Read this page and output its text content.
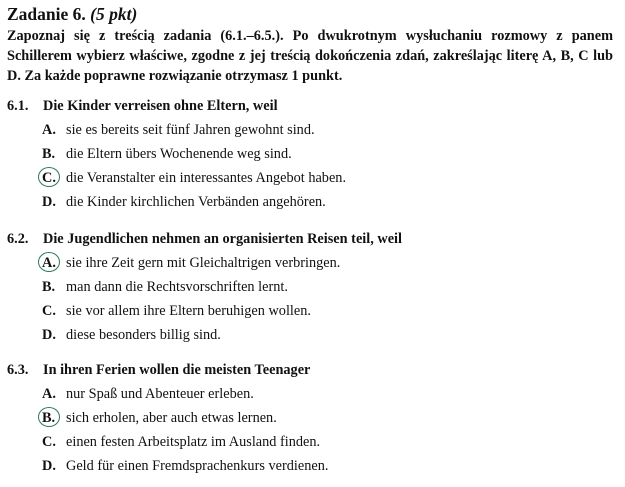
Zadanie 6. (5 pkt)
Zapoznaj się z treścią zadania (6.1.–6.5.). Po dwukrotnym wysłuchaniu rozmowy z panem Schillerem wybierz właściwe, zgodne z jej treścią dokończenia zdań, zakreślając literę A, B, C lub D. Za każde poprawne rozwiązanie otrzymasz 1 punkt.
6.1. Die Kinder verreisen ohne Eltern, weil
A. sie es bereits seit fünf Jahren gewohnt sind.
B. die Eltern übers Wochenende weg sind.
C. die Veranstalter ein interessantes Angebot haben.
D. die Kinder kirchlichen Verbänden angehören.
6.2. Die Jugendlichen nehmen an organisierten Reisen teil, weil
A. sie ihre Zeit gern mit Gleichaltrigen verbringen.
B. man dann die Rechtsvorschriften lernt.
C. sie vor allem ihre Eltern beruhigen wollen.
D. diese besonders billig sind.
6.3. In ihren Ferien wollen die meisten Teenager
A. nur Spaß und Abenteuer erleben.
B. sich erholen, aber auch etwas lernen.
C. einen festen Arbeitsplatz im Ausland finden.
D. Geld für einen Fremdsprachenkurs verdienen.
